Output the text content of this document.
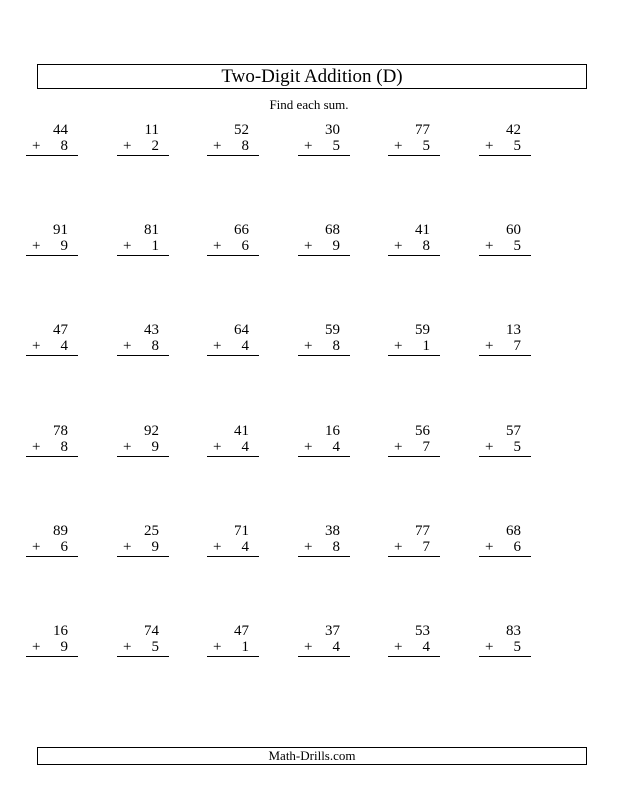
Two-Digit Addition (D)
Find each sum.
44
+ 8
11
+ 2
52
+ 8
30
+ 5
77
+ 5
42
+ 5
91
+ 9
81
+ 1
66
+ 6
68
+ 9
41
+ 8
60
+ 5
47
+ 4
43
+ 8
64
+ 4
59
+ 8
59
+ 1
13
+ 7
78
+ 8
92
+ 9
41
+ 4
16
+ 4
56
+ 7
57
+ 5
89
+ 6
25
+ 9
71
+ 4
38
+ 8
77
+ 7
68
+ 6
16
+ 9
74
+ 5
47
+ 1
37
+ 4
53
+ 4
83
+ 5
Math-Drills.com
